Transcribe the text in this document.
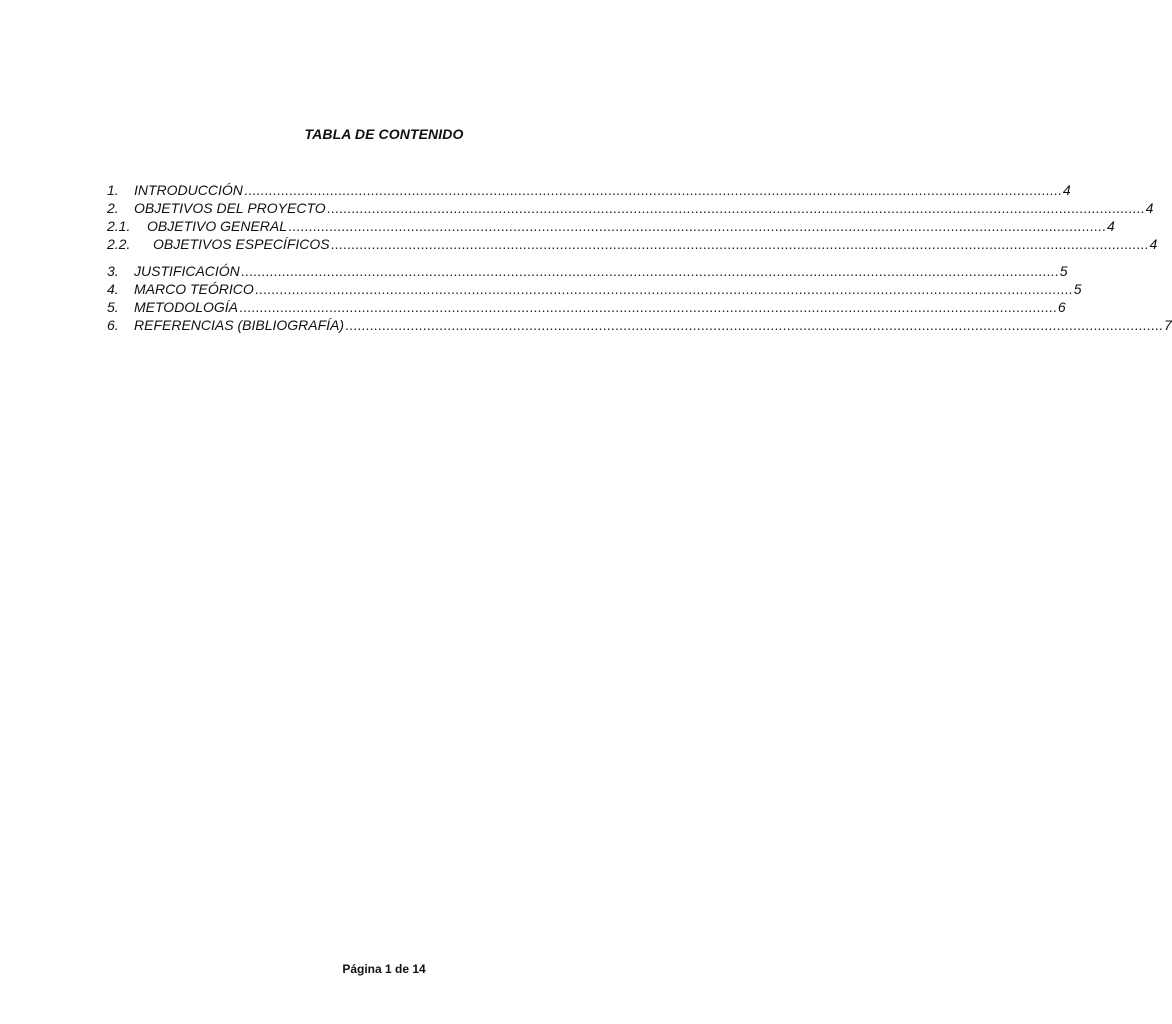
TABLA DE CONTENIDO
1.	INTRODUCCIÓN ........................................................................................................................................................................................................ 4
2.	OBJETIVOS DEL PROYECTO ........................................................................................................................................................................................................ 4
2.1.	OBJETIVO GENERAL ........................................................................................................................................................................................................ 4
2.2.	OBJETIVOS ESPECÍFICOS ........................................................................................................................................................................................................ 4
3.	JUSTIFICACIÓN ........................................................................................................................................................................................................ 5
4.	MARCO TEÓRICO ........................................................................................................................................................................................................ 5
5.	METODOLOGÍA ........................................................................................................................................................................................................ 6
6.	REFERENCIAS (BIBLIOGRAFÍA) ........................................................................................................................................................................................................ 7
Página 1 de 14
